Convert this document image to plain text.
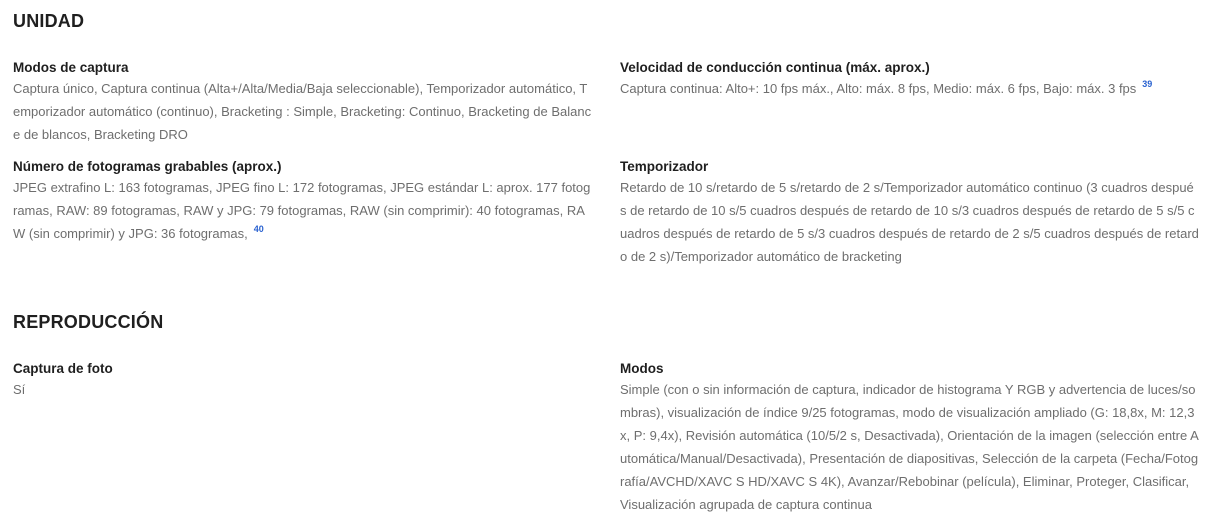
UNIDAD

Modos de captura

Captura único, Captura continua (Alta+/Alta/Media/Baja seleccionable), Temporizador automático, Temporizador automático (continuo), Bracketing : Simple, Bracketing: Continuo, Bracketing de Balance de blancos, Bracketing DRO

Velocidad de conducción continua (máx. aprox.)

Captura continua: Alto+: 10 fps máx., Alto: máx. 8 fps, Medio: máx. 6 fps, Bajo: máx. 3 fps $^{39}$

Número de fotogramas grabables (aprox.)

JPEG extrafino L: 163 fotogramas, JPEG fino L: 172 fotogramas, JPEG estándar L: aprox. 177 fotogramas, RAW: 89 fotogramas, RAW y JPG: 79 fotogramas, RAW (sin comprimir): 40 fotogramas, RAW (sin comprimir) y JPG: 36 fotogramas, $^{40}$

Temporizador

Retardo de 10 s/retardo de 5 s/retardo de 2 s/Temporizador automático continuo (3 cuadros después de retardo de 10 s/5 cuadros después de retardo de 10 s/3 cuadros después de retardo de 5 s/5 cuadros después de retardo de 5 s/3 cuadros después de retardo de 2 s/5 cuadros después de retardo de 2 s)/Temporizador automático de bracketing

REPRODUCCIÓN

Captura de foto

Sí

Modos

Simple (con o sin información de captura, indicador de histograma Y RGB y advertencia de luces/sombras), visualización de índice 9/25 fotogramas, modo de visualización ampliado (G: 18,8x, M: 12,3x, P: 9,4x), Revisión automática (10/5/2 s, Desactivada), Orientación de la imagen (selección entre Automática/Manual/Desactivada), Presentación de diapositivas, Selección de la carpeta (Fecha/Fotografía/AVCHD/XAVC S HD/XAVC S 4K), Avanzar/Rebobinar (película), Eliminar, Proteger, Clasificar, Visualización agrupada de captura continua
